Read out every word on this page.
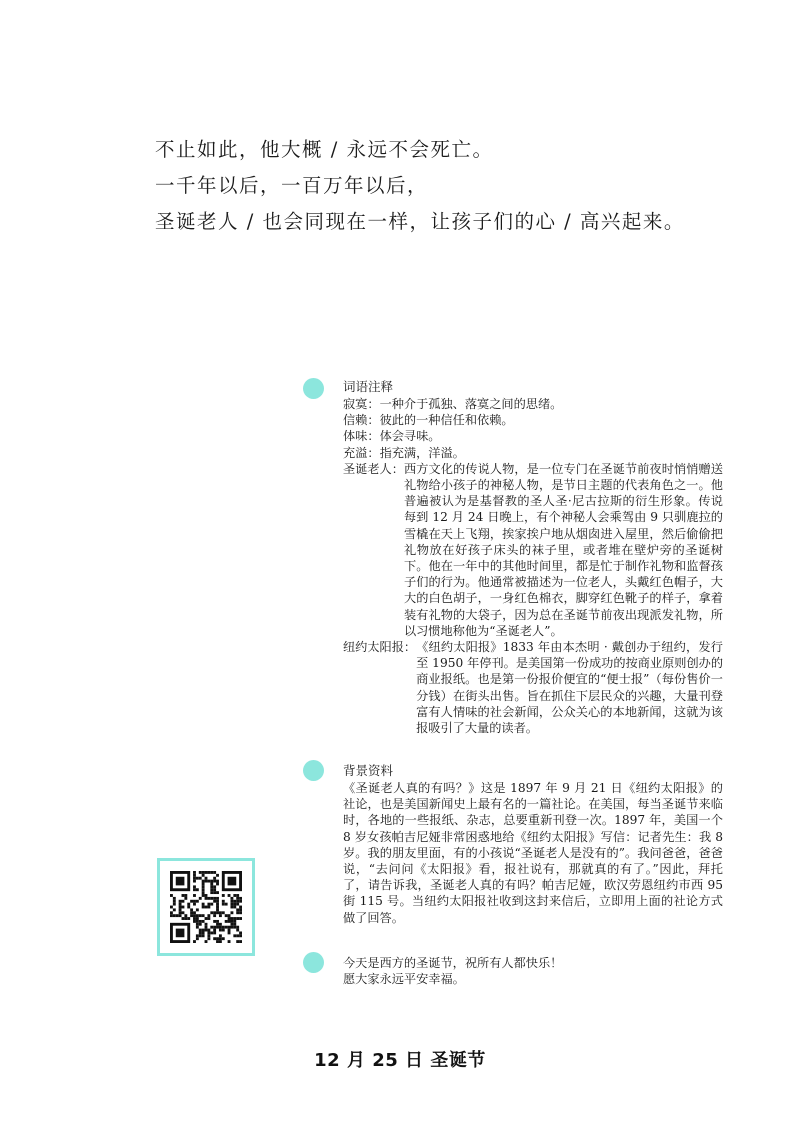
不止如此，他大概 / 永远不会死亡。
一千年以后，一百万年以后，
圣诞老人 / 也会同现在一样，让孩子们的心 / 高兴起来。
词语注释
寂寞： 一种介于孤独、落寞之间的思绪。
信赖： 彼此的一种信任和依赖。
体味： 体会寻味。
充溢： 指充满，洋溢。
圣诞老人： 西方文化的传说人物，是一位专门在圣诞节前夜时悄悄赠送礼物给小孩子的神秘人物，是节日主题的代表角色之一。他普遍被认为是基督教的圣人圣·尼古拉斯的衍生形象。传说每到 12 月 24 日晚上，有个神秘人会乘驾由 9 只驯鹿拉的雪橇在天上飞翔，挨家挨户地从烟囱进入屋里，然后偷偷把礼物放在好孩子床头的袜子里，或者堆在壁炉旁的圣诞树下。他在一年中的其他时间里，都是忙于制作礼物和监督孩子们的行为。他通常被描述为一位老人，头戴红色帽子，大大的白色胡子，一身红色棉衣，脚穿红色靴子的样子，拿着装有礼物的大袋子，因为总在圣诞节前夜出现派发礼物，所以习惯地称他为“圣诞老人”。
纽约太阳报： 《纽约太阳报》1833 年由本杰明 · 戴创办于纽约，发行至 1950 年停刊。是美国第一份成功的按商业原则创办的商业报纸。也是第一份报价便宜的“便士报”（每份售价一分钱）在街头出售。旨在抓住下层民众的兴趣，大量刊登富有人情味的社会新闻，公众关心的本地新闻，这就为该报吸引了大量的读者。
背景资料
《圣诞老人真的有吗？》这是 1897 年 9 月 21 日《纽约太阳报》的社论，也是美国新闻史上最有名的一篇社论。在美国，每当圣诞节来临时，各地的一些报纸、杂志，总要重新刊登一次。1897 年，美国一个 8 岁女孩帕吉尼娅非常困惑地给《纽约太阳报》写信：记者先生：我 8 岁。我的朋友里面，有的小孩说“圣诞老人是没有的”。我问爸爸，爸爸说，“去问问《太阳报》看，报社说有，那就真的有了。”因此，拜托了，请告诉我，圣诞老人真的有吗？帕吉尼娅，欧汉劳恩纽约市西 95 街 115 号。当纽约太阳报社收到这封来信后，立即用上面的社论方式做了回答。
今天是西方的圣诞节，祝所有人都快乐！
愿大家永远平安幸福。
12 月 25 日 圣诞节
